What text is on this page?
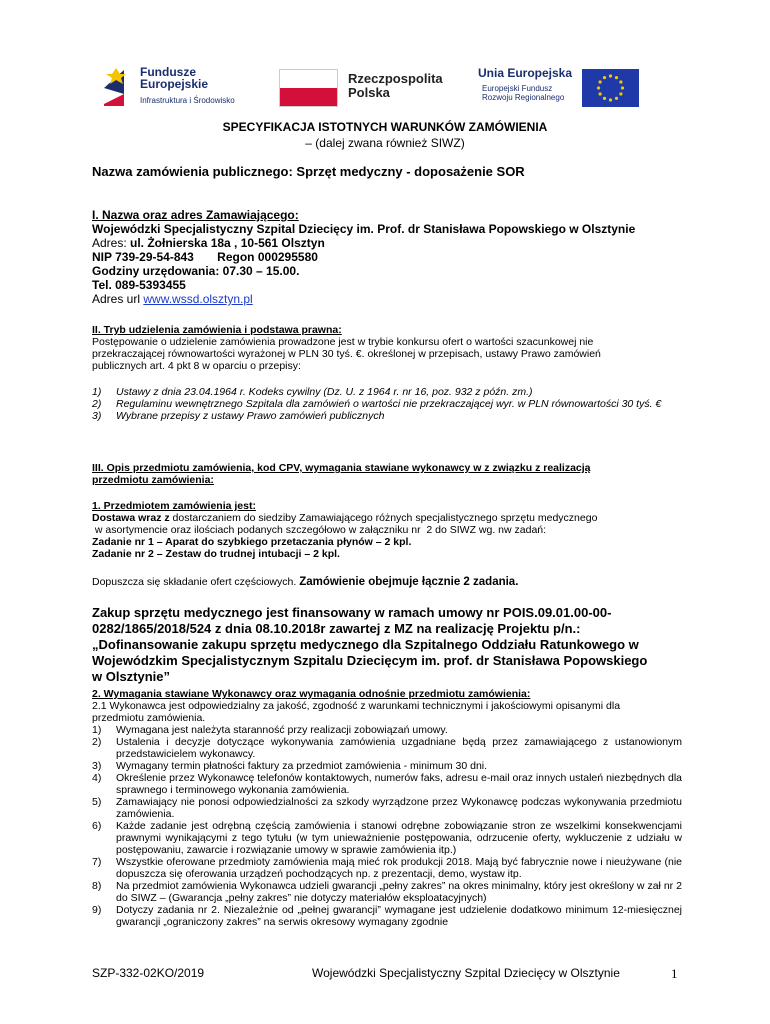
Fundusze
Europejskie
Infrastruktura i Środowisko
Rzeczpospolita
Polska
Unia Europejska
Europejski Fundusz
Rozwoju Regionalnego
SPECYFIKACJA ISTOTNYCH WARUNKÓW ZAMÓWIENIA
– (dalej zwana również SIWZ)
Nazwa zamówienia publicznego: Sprzęt medyczny - doposażenie SOR
I. Nazwa oraz adres Zamawiającego:
Wojewódzki Specjalistyczny Szpital Dziecięcy im. Prof. dr Stanisława Popowskiego w Olsztynie
Adres: ul. Żołnierska 18a , 10-561 Olsztyn
NIP 739-29-54-843       Regon 000295580
Godziny urzędowania: 07.30 – 15.00.
Tel. 089-5393455
Adres url www.wssd.olsztyn.pl
II. Tryb udzielenia zamówienia i podstawa prawna:
Postępowanie o udzielenie zamówienia prowadzone jest w trybie konkursu ofert o wartości szacunkowej nie
przekraczającej równowartości wyrażonej w PLN 30 tyś. €. określonej w przepisach, ustawy Prawo zamówień
publicznych art. 4 pkt 8 w oparciu o przepisy:
1)	Ustawy z dnia 23.04.1964 r. Kodeks cywilny (Dz. U. z 1964 r. nr 16, poz. 932 z późn. zm.)
2)	Regulaminu wewnętrznego Szpitala dla zamówień o wartości nie przekraczającej wyr. w PLN równowartości 30 tyś. €
3)	Wybrane przepisy z ustawy Prawo zamówień publicznych
III. Opis przedmiotu zamówienia, kod CPV, wymagania stawiane wykonawcy w z związku z realizacją
przedmiotu zamówienia:
1. Przedmiotem zamówienia jest:
Dostawa wraz z dostarczaniem do siedziby Zamawiającego różnych specjalistycznego sprzętu medycznego
w asortymencie oraz ilościach podanych szczegółowo w załączniku nr  2 do SIWZ wg. nw zadań:
Zadanie nr 1 – Aparat do szybkiego przetaczania płynów – 2 kpl.
Zadanie nr 2 – Zestaw do trudnej intubacji – 2 kpl.
Dopuszcza się składanie ofert częściowych. Zamówienie obejmuje łącznie 2 zadania.
Zakup sprzętu medycznego jest finansowany w ramach umowy nr POIS.09.01.00-00-
0282/1865/2018/524 z dnia 08.10.2018r zawartej z MZ na realizację Projektu p/n.:
„Dofinansowanie zakupu sprzętu medycznego dla Szpitalnego Oddziału Ratunkowego w
Wojewódzkim Specjalistycznym Szpitalu Dziecięcym im. prof. dr Stanisława Popowskiego
w Olsztynie”
2. Wymagania stawiane Wykonawcy oraz wymagania odnośnie przedmiotu zamówienia:
2.1 Wykonawca jest odpowiedzialny za jakość, zgodność z warunkami technicznymi i jakościowymi opisanymi dla
przedmiotu zamówienia.
1)	Wymagana jest należyta staranność przy realizacji zobowiązań umowy.
2)	Ustalenia i decyzje dotyczące wykonywania zamówienia uzgadniane będą przez zamawiającego z ustanowionym przedstawicielem wykonawcy.
3)	Wymagany termin płatności faktury za przedmiot zamówienia - minimum 30 dni.
4)	Określenie przez Wykonawcę telefonów kontaktowych, numerów faks, adresu e-mail oraz innych ustaleń niezbędnych dla sprawnego i terminowego wykonania zamówienia.
5)	Zamawiający nie ponosi odpowiedzialności za szkody wyrządzone przez Wykonawcę podczas wykonywania przedmiotu zamówienia.
6)	Każde zadanie jest odrębną częścią zamówienia i stanowi odrębne zobowiązanie stron ze wszelkimi konsekwencjami prawnymi wynikającymi z tego tytułu (w tym unieważnienie postępowania, odrzucenie oferty, wykluczenie z udziału w postępowaniu, zawarcie i rozwiązanie umowy w sprawie zamówienia itp.)
7)	Wszystkie oferowane przedmioty zamówienia mają mieć rok produkcji 2018. Mają być fabrycznie nowe i nieużywane (nie dopuszcza się oferowania urządzeń pochodzących np. z prezentacji, demo, wystaw itp.
8)	Na przedmiot zamówienia Wykonawca udzieli gwarancji „pełny zakres” na okres minimalny, który jest określony w zał nr 2 do SIWZ – (Gwarancja „pełny zakres” nie dotyczy materiałów eksploatacyjnych)
9)	Dotyczy zadania nr 2. Niezależnie od „pełnej gwarancji” wymagane jest udzielenie dodatkowo minimum 12-miesięcznej gwarancji „ograniczony zakres” na serwis okresowy wymagany zgodnie
SZP-332-02KO/2019	Wojewódzki Specjalistyczny Szpital Dziecięcy w Olsztynie	1
